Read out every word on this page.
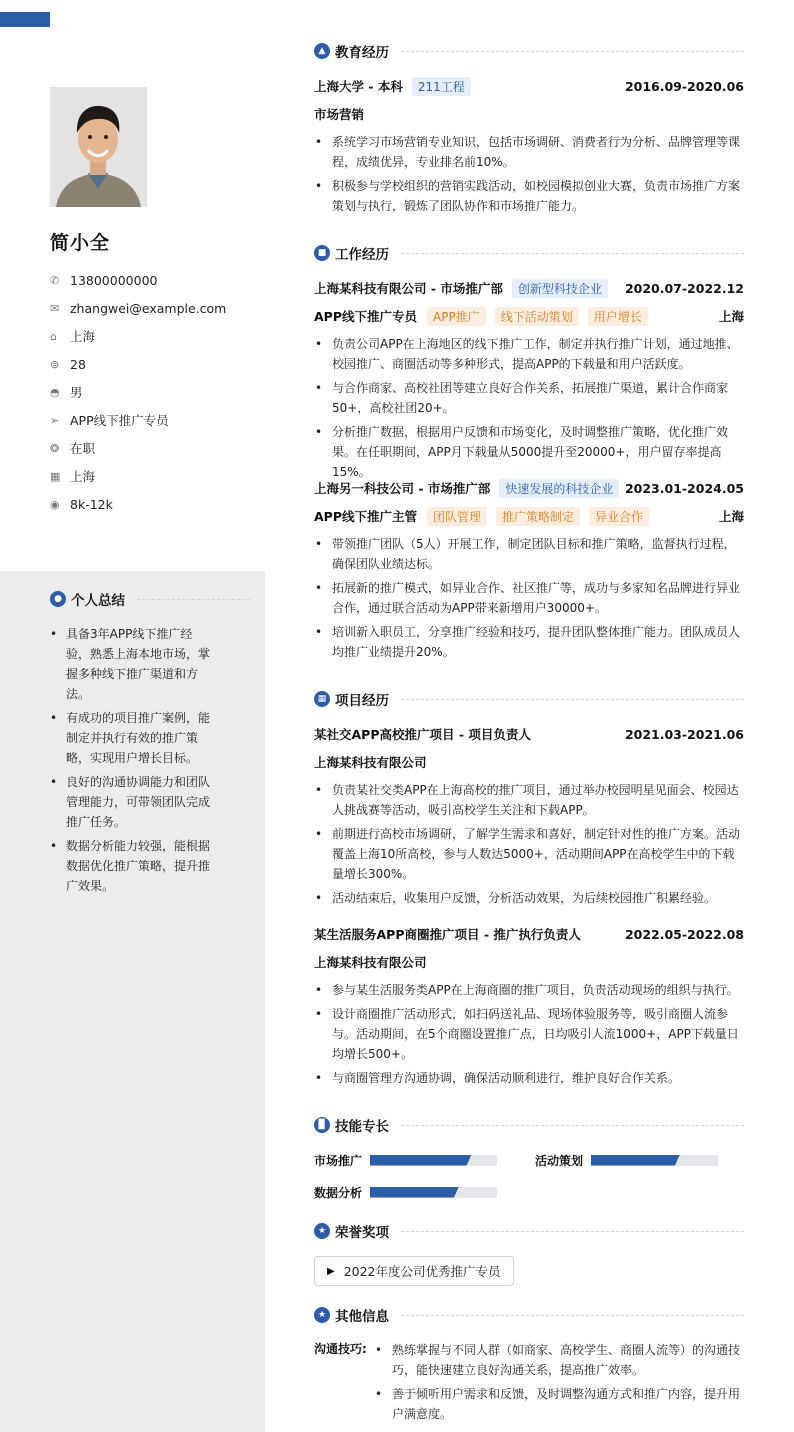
简小全
✆ 13800000000
✉ zhangwei@example.com
⌂	上海
⊜ 28
◓ 男
➢ APP线下推广专员
❂ 在职
▦ 上海
◉ 8k-12k
● 个人总结
• 具备3年APP线下推广经验，熟悉上海本地市场，掌握多种线下推广渠道和方法。
• 有成功的项目推广案例，能制定并执行有效的推广策略，实现用户增长目标。
• 良好的沟通协调能力和团队管理能力，可带领团队完成推广任务。
• 数据分析能力较强，能根据数据优化推广策略，提升推广效果。
▲ 教育经历
上海大学 - 本科	211工程	2016.09-2020.06
市场营销
• 系统学习市场营销专业知识，包括市场调研、消费者行为分析、品牌管理等课程，成绩优异，专业排名前10%。
• 积极参与学校组织的营销实践活动，如校园模拟创业大赛，负责市场推广方案策划与执行，锻炼了团队协作和市场推广能力。
■ 工作经历
上海某科技有限公司 - 市场推广部	创新型科技企业	2020.07-2022.12
APP线下推广专员	APP推广	线下活动策划	用户增长	上海
• 负责公司APP在上海地区的线下推广工作，制定并执行推广计划，通过地推、校园推广、商圈活动等多种形式，提高APP的下载量和用户活跃度。
• 与合作商家、高校社团等建立良好合作关系，拓展推广渠道，累计合作商家50+，高校社团20+。
• 分析推广数据，根据用户反馈和市场变化，及时调整推广策略，优化推广效果。在任职期间，APP月下载量从5000提升至20000+，用户留存率提高15%。
上海另一科技公司 - 市场推广部	快速发展的科技企业 2023.01-2024.05
APP线下推广主管	团队管理	推广策略制定	异业合作	上海
• 带领推广团队（5人）开展工作，制定团队目标和推广策略，监督执行过程，确保团队业绩达标。
• 拓展新的推广模式，如异业合作、社区推广等，成功与多家知名品牌进行异业合作，通过联合活动为APP带来新增用户30000+。
• 培训新入职员工，分享推广经验和技巧，提升团队整体推广能力。团队成员人均推广业绩提升20%。
▦ 项目经历
某社交APP高校推广项目 - 项目负责人	2021.03-2021.06
上海某科技有限公司
• 负责某社交类APP在上海高校的推广项目，通过举办校园明星见面会、校园达人挑战赛等活动，吸引高校学生关注和下载APP。
• 前期进行高校市场调研，了解学生需求和喜好，制定针对性的推广方案。活动覆盖上海10所高校，参与人数达5000+，活动期间APP在高校学生中的下载量增长300%。
• 活动结束后，收集用户反馈，分析活动效果，为后续校园推广积累经验。
某生活服务APP商圈推广项目 - 推广执行负责人	2022.05-2022.08
上海某科技有限公司
• 参与某生活服务类APP在上海商圈的推广项目，负责活动现场的组织与执行。
• 设计商圈推广活动形式，如扫码送礼品、现场体验服务等，吸引商圈人流参与。活动期间，在5个商圈设置推广点，日均吸引人流1000+，APP下载量日均增长500+。
• 与商圈管理方沟通协调，确保活动顺利进行，维护良好合作关系。
▉ 技能专长
市场推广	活动策划
数据分析
★ 荣誉奖项
▶ 2022年度公司优秀推广专员
★ 其他信息
沟通技巧:
•	熟练掌握与不同人群（如商家、高校学生、商圈人流等）的沟通技巧，能快速建立良好沟通关系，提高推广效率。
• 善于倾听用户需求和反馈，及时调整沟通方式和推广内容，提升用户满意度。
